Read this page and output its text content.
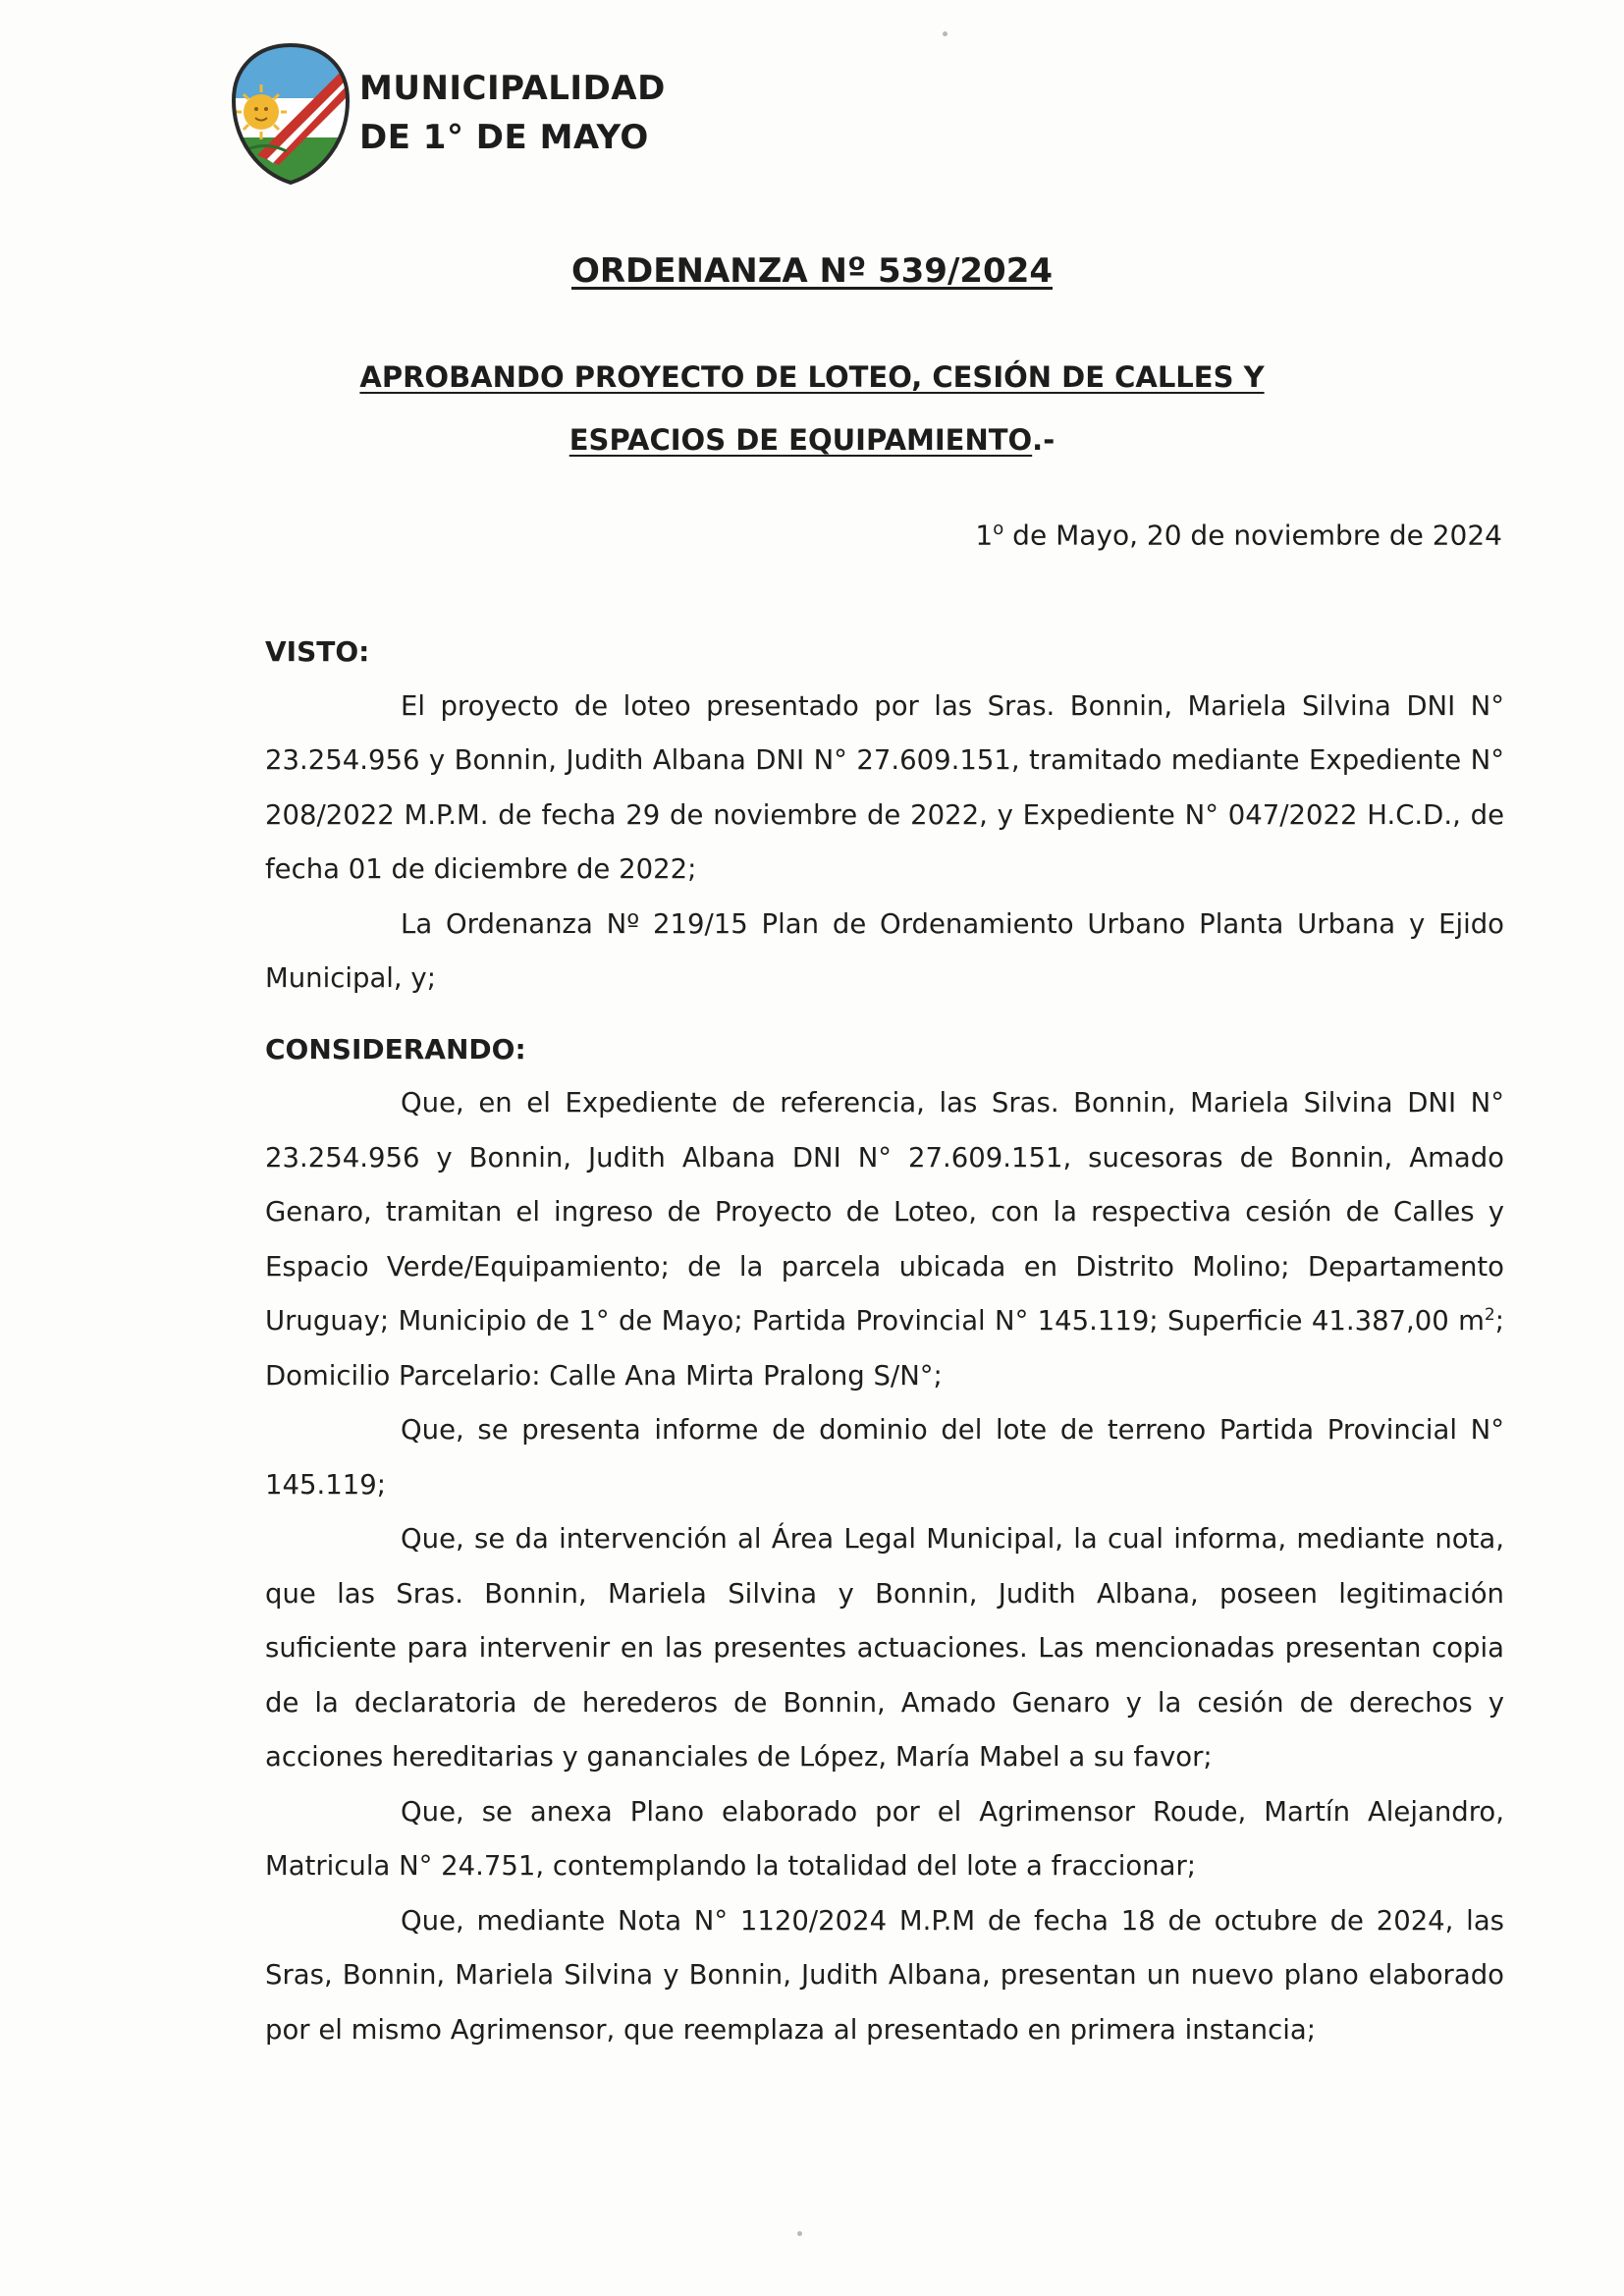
MUNICIPALIDAD
DE 1° DE MAYO
ORDENANZA Nº 539/2024
APROBANDO PROYECTO DE LOTEO, CESIÓN DE CALLES Y
ESPACIOS DE EQUIPAMIENTO.-
1$^o$ de Mayo, 20 de noviembre de 2024

VISTO:

El proyecto de loteo presentado por las Sras. Bonnin, Mariela Silvina DNI N° 23.254.956 y Bonnin, Judith Albana DNI N° 27.609.151, tramitado mediante Expediente N° 208/2022 M.P.M. de fecha 29 de noviembre de 2022, y Expediente N° 047/2022 H.C.D., de fecha 01 de diciembre de 2022;

La Ordenanza Nº 219/15 Plan de Ordenamiento Urbano Planta Urbana y Ejido Municipal, y;

CONSIDERANDO:

Que, en el Expediente de referencia, las Sras. Bonnin, Mariela Silvina DNI N° 23.254.956 y Bonnin, Judith Albana DNI N° 27.609.151, sucesoras de Bonnin, Amado Genaro, tramitan el ingreso de Proyecto de Loteo, con la respectiva cesión de Calles y Espacio Verde/Equipamiento; de la parcela ubicada en Distrito Molino; Departamento Uruguay; Municipio de 1° de Mayo; Partida Provincial N° 145.119; Superficie 41.387,00 $m^2$; Domicilio Parcelario: Calle Ana Mirta Pralong S/N°;

Que, se presenta informe de dominio del lote de terreno Partida Provincial N° 145.119;

Que, se da intervención al Área Legal Municipal, la cual informa, mediante nota, que las Sras. Bonnin, Mariela Silvina y Bonnin, Judith Albana, poseen legitimación suficiente para intervenir en las presentes actuaciones. Las mencionadas presentan copia de la declaratoria de herederos de Bonnin, Amado Genaro y la cesión de derechos y acciones hereditarias y gananciales de López, María Mabel a su favor;

Que, se anexa Plano elaborado por el Agrimensor Roude, Martín Alejandro, Matricula N° 24.751, contemplando la totalidad del lote a fraccionar;

Que, mediante Nota N° 1120/2024 M.P.M de fecha 18 de octubre de 2024, las Sras, Bonnin, Mariela Silvina y Bonnin, Judith Albana, presentan un nuevo plano elaborado por el mismo Agrimensor, que reemplaza al presentado en primera instancia;
